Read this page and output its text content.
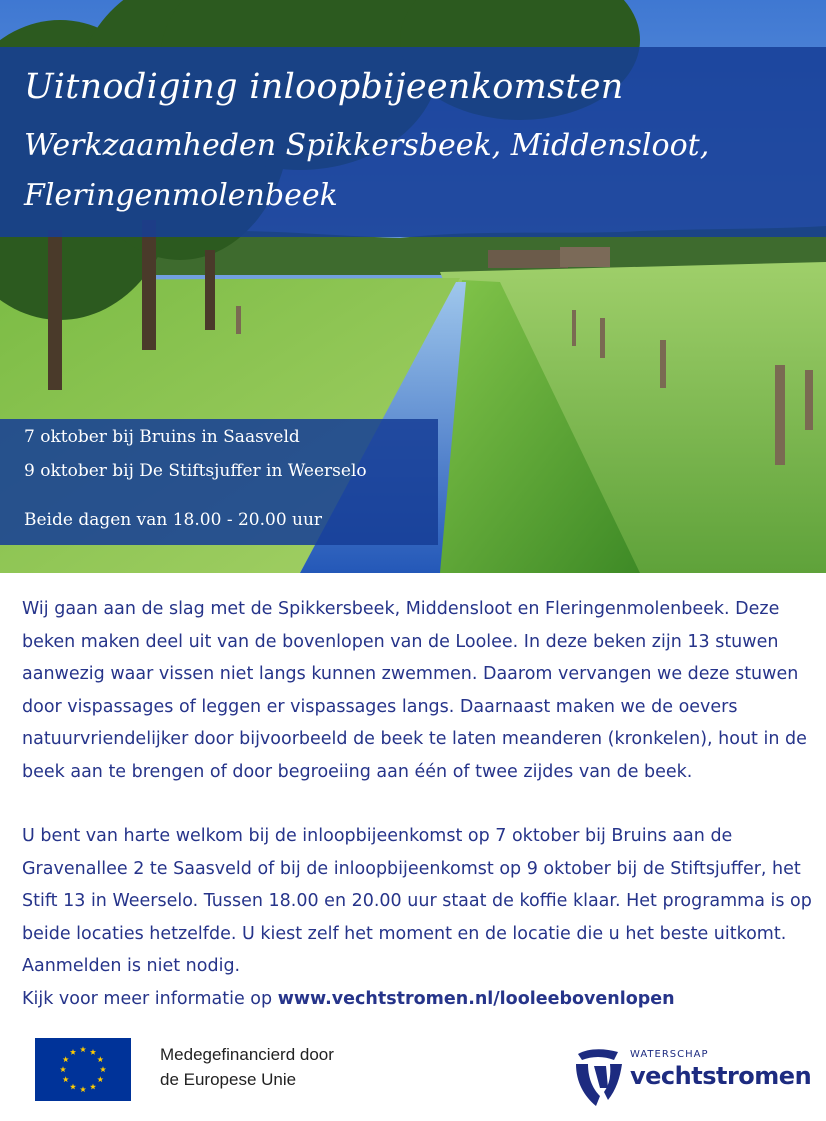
Uitnodiging inloopbijeenkomsten
Werkzaamheden Spikkersbeek, Middensloot, Fleringenmolenbeek
7 oktober bij Bruins in Saasveld
9 oktober bij De Stiftsjuffer in Weerselo
Beide dagen van 18.00 - 20.00 uur

Wij gaan aan de slag met de Spikkersbeek, Middensloot en Fleringenmolenbeek. Deze beken maken deel uit van de bovenlopen van de Loolee. In deze beken zijn 13 stuwen aanwezig waar vissen niet langs kunnen zwemmen. Daarom vervangen we deze stuwen door vispassages of leggen er vispassages langs. Daarnaast maken we de oevers natuurvriendelijker door bijvoorbeeld de beek te laten meanderen (kronkelen), hout in de beek aan te brengen of door begroeiing aan één of twee zijdes van de beek.

U bent van harte welkom bij de inloopbijeenkomst op 7 oktober bij Bruins aan de Gravenallee 2 te Saasveld of bij de inloopbijeenkomst op 9 oktober bij de Stiftsjuffer, het Stift 13 in Weerselo. Tussen 18.00 en 20.00 uur staat de koffie klaar. Het programma is op beide locaties hetzelfde. U kiest zelf het moment en de locatie die u het beste uitkomt. Aanmelden is niet nodig.

Kijk voor meer informatie op www.vechtstromen.nl/looleebovenlopen

Medegefinancierd door
de Europese Unie
WATERSCHAP
vechtstromen
